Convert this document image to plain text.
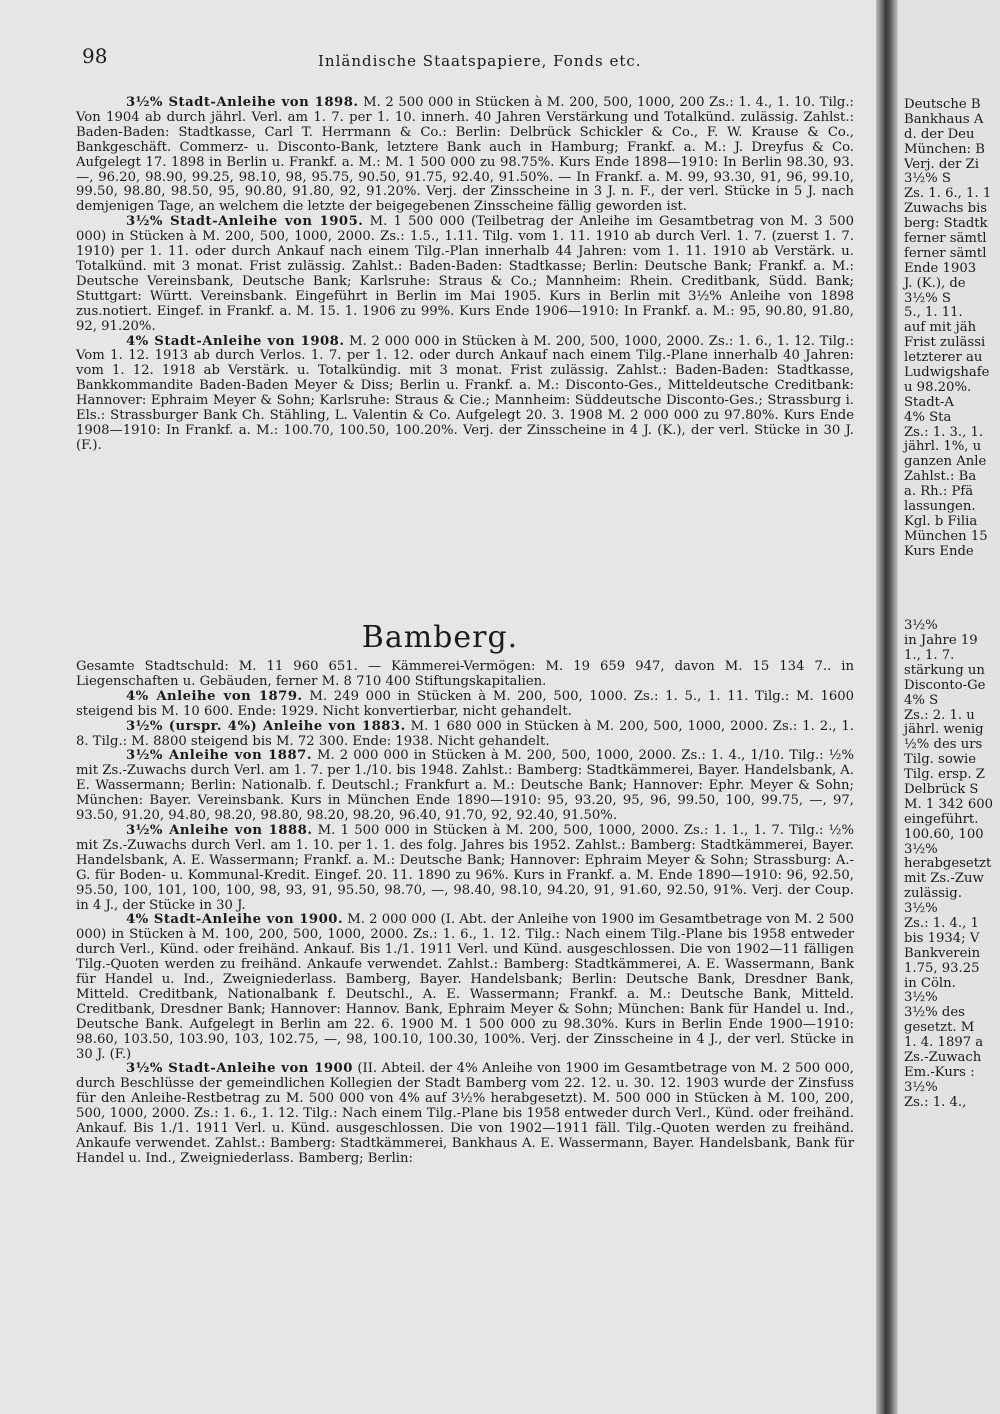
98	Inländische Staatspapiere, Fonds etc.

3½% Stadt-Anleihe von 1898. M. 2 500 000 in Stücken à M. 200, 500, 1000, 200 Zs.: 1. 4., 1. 10. Tilg.: Von 1904 ab durch jährl. Verl. am 1. 7. per 1. 10. innerh. 40 Jahren Verstärkung und Totalkünd. zulässig. Zahlst.: Baden-Baden: Stadtkasse, Carl T. Herrmann & Co.: Berlin: Delbrück Schickler & Co., F. W. Krause & Co., Bankgeschäft. Commerz- u. Disconto-Bank, letztere Bank auch in Hamburg; Frankf. a. M.: J. Dreyfus & Co. Aufgelegt 17. 1898 in Berlin u. Frankf. a. M.: M. 1 500 000 zu 98.75%. Kurs Ende 1898—1910: In Berlin 98.30, 93. —, 96.20, 98.90, 99.25, 98.10, 98, 95.75, 90.50, 91.75, 92.40, 91.50%. — In Frankf. a. M. 99, 93.30, 91, 96, 99.10, 99.50, 98.80, 98.50, 95, 90.80, 91.80, 92, 91.20%. Verj. der Zinsscheine in 3 J. n. F., der verl. Stücke in 5 J. nach demjenigen Tage, an welchem die letzte der beigegebenen Zinsscheine fällig geworden ist.

3½% Stadt-Anleihe von 1905. M. 1 500 000 (Teilbetrag der Anleihe im Gesamtbetrag von M. 3 500 000) in Stücken à M. 200, 500, 1000, 2000. Zs.: 1.5., 1.11. Tilg. vom 1. 11. 1910 ab durch Verl. 1. 7. (zuerst 1. 7. 1910) per 1. 11. oder durch Ankauf nach einem Tilg.-Plan innerhalb 44 Jahren: vom 1. 11. 1910 ab Verstärk. u. Totalkünd. mit 3 monat. Frist zulässig. Zahlst.: Baden-Baden: Stadtkasse; Berlin: Deutsche Bank; Frankf. a. M.: Deutsche Vereinsbank, Deutsche Bank; Karlsruhe: Straus & Co.; Mannheim: Rhein. Creditbank, Südd. Bank; Stuttgart: Württ. Vereinsbank. Eingeführt in Berlin im Mai 1905. Kurs in Berlin mit 3½% Anleihe von 1898 zus.notiert. Eingef. in Frankf. a. M. 15. 1. 1906 zu 99%. Kurs Ende 1906—1910: In Frankf. a. M.: 95, 90.80, 91.80, 92, 91.20%.

4% Stadt-Anleihe von 1908. M. 2 000 000 in Stücken à M. 200, 500, 1000, 2000. Zs.: 1. 6., 1. 12. Tilg.: Vom 1. 12. 1913 ab durch Verlos. 1. 7. per 1. 12. oder durch Ankauf nach einem Tilg.-Plane innerhalb 40 Jahren: vom 1. 12. 1918 ab Verstärk. u. Totalkündig. mit 3 monat. Frist zulässig. Zahlst.: Baden-Baden: Stadtkasse, Bankkommandite Baden-Baden Meyer & Diss; Berlin u. Frankf. a. M.: Disconto-Ges., Mitteldeutsche Creditbank: Hannover: Ephraim Meyer & Sohn; Karlsruhe: Straus & Cie.; Mannheim: Süddeutsche Disconto-Ges.; Strassburg i. Els.: Strassburger Bank Ch. Stähling, L. Valentin & Co. Aufgelegt 20. 3. 1908 M. 2 000 000 zu 97.80%. Kurs Ende 1908—1910: In Frankf. a. M.: 100.70, 100.50, 100.20%. Verj. der Zinsscheine in 4 J. (K.), der verl. Stücke in 30 J. (F.).

Bamberg.

Gesamte Stadtschuld: M. 11 960 651. — Kämmerei-Vermögen: M. 19 659 947, davon M. 15 134 7.. in Liegenschaften u. Gebäuden, ferner M. 8 710 400 Stiftungskapitalien.

4% Anleihe von 1879. M. 249 000 in Stücken à M. 200, 500, 1000. Zs.: 1. 5., 1. 11. Tilg.: M. 1600 steigend bis M. 10 600. Ende: 1929. Nicht konvertierbar, nicht gehandelt.

3½% (urspr. 4%) Anleihe von 1883. M. 1 680 000 in Stücken à M. 200, 500, 1000, 2000. Zs.: 1. 2., 1. 8. Tilg.: M. 8800 steigend bis M. 72 300. Ende: 1938. Nicht gehandelt.

3½% Anleihe von 1887. M. 2 000 000 in Stücken à M. 200, 500, 1000, 2000. Zs.: 1. 4., 1/10. Tilg.: ½% mit Zs.-Zuwachs durch Verl. am 1. 7. per 1./10. bis 1948. Zahlst.: Bamberg: Stadtkämmerei, Bayer. Handelsbank, A. E. Wassermann; Berlin: Nationalb. f. Deutschl.; Frankfurt a. M.: Deutsche Bank; Hannover: Ephr. Meyer & Sohn; München: Bayer. Vereinsbank. Kurs in München Ende 1890—1910: 95, 93.20, 95, 96, 99.50, 100, 99.75, —, 97, 93.50, 91.20, 94.80, 98.20, 98.80, 98.20, 98.20, 96.40, 91.70, 92, 92.40, 91.50%.

3½% Anleihe von 1888. M. 1 500 000 in Stücken à M. 200, 500, 1000, 2000. Zs.: 1. 1., 1. 7. Tilg.: ½% mit Zs.-Zuwachs durch Verl. am 1. 10. per 1. 1. des folg. Jahres bis 1952. Zahlst.: Bamberg: Stadtkämmerei, Bayer. Handelsbank, A. E. Wassermann; Frankf. a. M.: Deutsche Bank; Hannover: Ephraim Meyer & Sohn; Strassburg: A.-G. für Boden- u. Kommunal-Kredit. Eingef. 20. 11. 1890 zu 96%. Kurs in Frankf. a. M. Ende 1890—1910: 96, 92.50, 95.50, 100, 101, 100, 100, 98, 93, 91, 95.50, 98.70, —, 98.40, 98.10, 94.20, 91, 91.60, 92.50, 91%. Verj. der Coup. in 4 J., der Stücke in 30 J.

4% Stadt-Anleihe von 1900. M. 2 000 000 (I. Abt. der Anleihe von 1900 im Gesamtbetrage von M. 2 500 000) in Stücken à M. 100, 200, 500, 1000, 2000. Zs.: 1. 6., 1. 12. Tilg.: Nach einem Tilg.-Plane bis 1958 entweder durch Verl., Künd. oder freihänd. Ankauf. Bis 1./1. 1911 Verl. und Künd. ausgeschlossen. Die von 1902—11 fälligen Tilg.-Quoten werden zu freihänd. Ankaufe verwendet. Zahlst.: Bamberg: Stadtkämmerei, A. E. Wassermann, Bank für Handel u. Ind., Zweigniederlass. Bamberg, Bayer. Handelsbank; Berlin: Deutsche Bank, Dresdner Bank, Mitteld. Creditbank, Nationalbank f. Deutschl., A. E. Wassermann; Frankf. a. M.: Deutsche Bank, Mitteld. Creditbank, Dresdner Bank; Hannover: Hannov. Bank, Ephraim Meyer & Sohn; München: Bank für Handel u. Ind., Deutsche Bank. Aufgelegt in Berlin am 22. 6. 1900 M. 1 500 000 zu 98.30%. Kurs in Berlin Ende 1900—1910: 98.60, 103.50, 103.90, 103, 102.75, —, 98, 100.10, 100.30, 100%. Verj. der Zinsscheine in 4 J., der verl. Stücke in 30 J. (F.)

3½% Stadt-Anleihe von 1900 (II. Abteil. der 4% Anleihe von 1900 im Gesamtbetrage von M. 2 500 000, durch Beschlüsse der gemeindlichen Kollegien der Stadt Bamberg vom 22. 12. u. 30. 12. 1903 wurde der Zinsfuss für den Anleihe-Restbetrag zu M. 500 000 von 4% auf 3½% herabgesetzt). M. 500 000 in Stücken à M. 100, 200, 500, 1000, 2000. Zs.: 1. 6., 1. 12. Tilg.: Nach einem Tilg.-Plane bis 1958 entweder durch Verl., Künd. oder freihänd. Ankauf. Bis 1./1. 1911 Verl. u. Künd. ausgeschlossen. Die von 1902—1911 fäll. Tilg.-Quoten werden zu freihänd. Ankaufe verwendet. Zahlst.: Bamberg: Stadtkämmerei, Bankhaus A. E. Wassermann, Bayer. Handelsbank, Bank für Handel u. Ind., Zweigniederlass. Bamberg; Berlin:

Deutsche B
Bankhaus A
d. der Deu
München: B
Verj. der Zi
3½% S
Zs. 1. 6., 1. 1
Zuwachs bis
berg: Stadtk
ferner sämtl
ferner sämtl
Ende 1903
J. (K.), de
3½% S
5., 1. 11.
auf mit jäh
Frist zulässi
letzterer au
Ludwigshafe
u 98.20%.
Stadt-A
4% Sta
Zs.: 1. 3., 1.
jährl. 1%, u
ganzen Anle
Zahlst.: Ba
a. Rh.: Pfä
lassungen.
Kgl. b Filia
München 15
Kurs Ende
3½%
in Jahre 19
1., 1. 7.
stärkung un
Disconto-Ge
4% S
Zs.: 2. 1. u
jährl. wenig
½% des urs
Tilg. sowie
Tilg. ersp. Z
Delbrück S
M. 1 342 600
eingeführt.
100.60, 100
3½%
herabgesetzt
mit Zs.-Zuw
zulässig.
3½%
Zs.: 1. 4., 1
bis 1934; V
Bankverein
1.75, 93.25
in Cöln.
3½%
3½% des
gesetzt. M
1. 4. 1897 a
Zs.-Zuwach
Em.-Kurs :
3½%
Zs.: 1. 4.,
